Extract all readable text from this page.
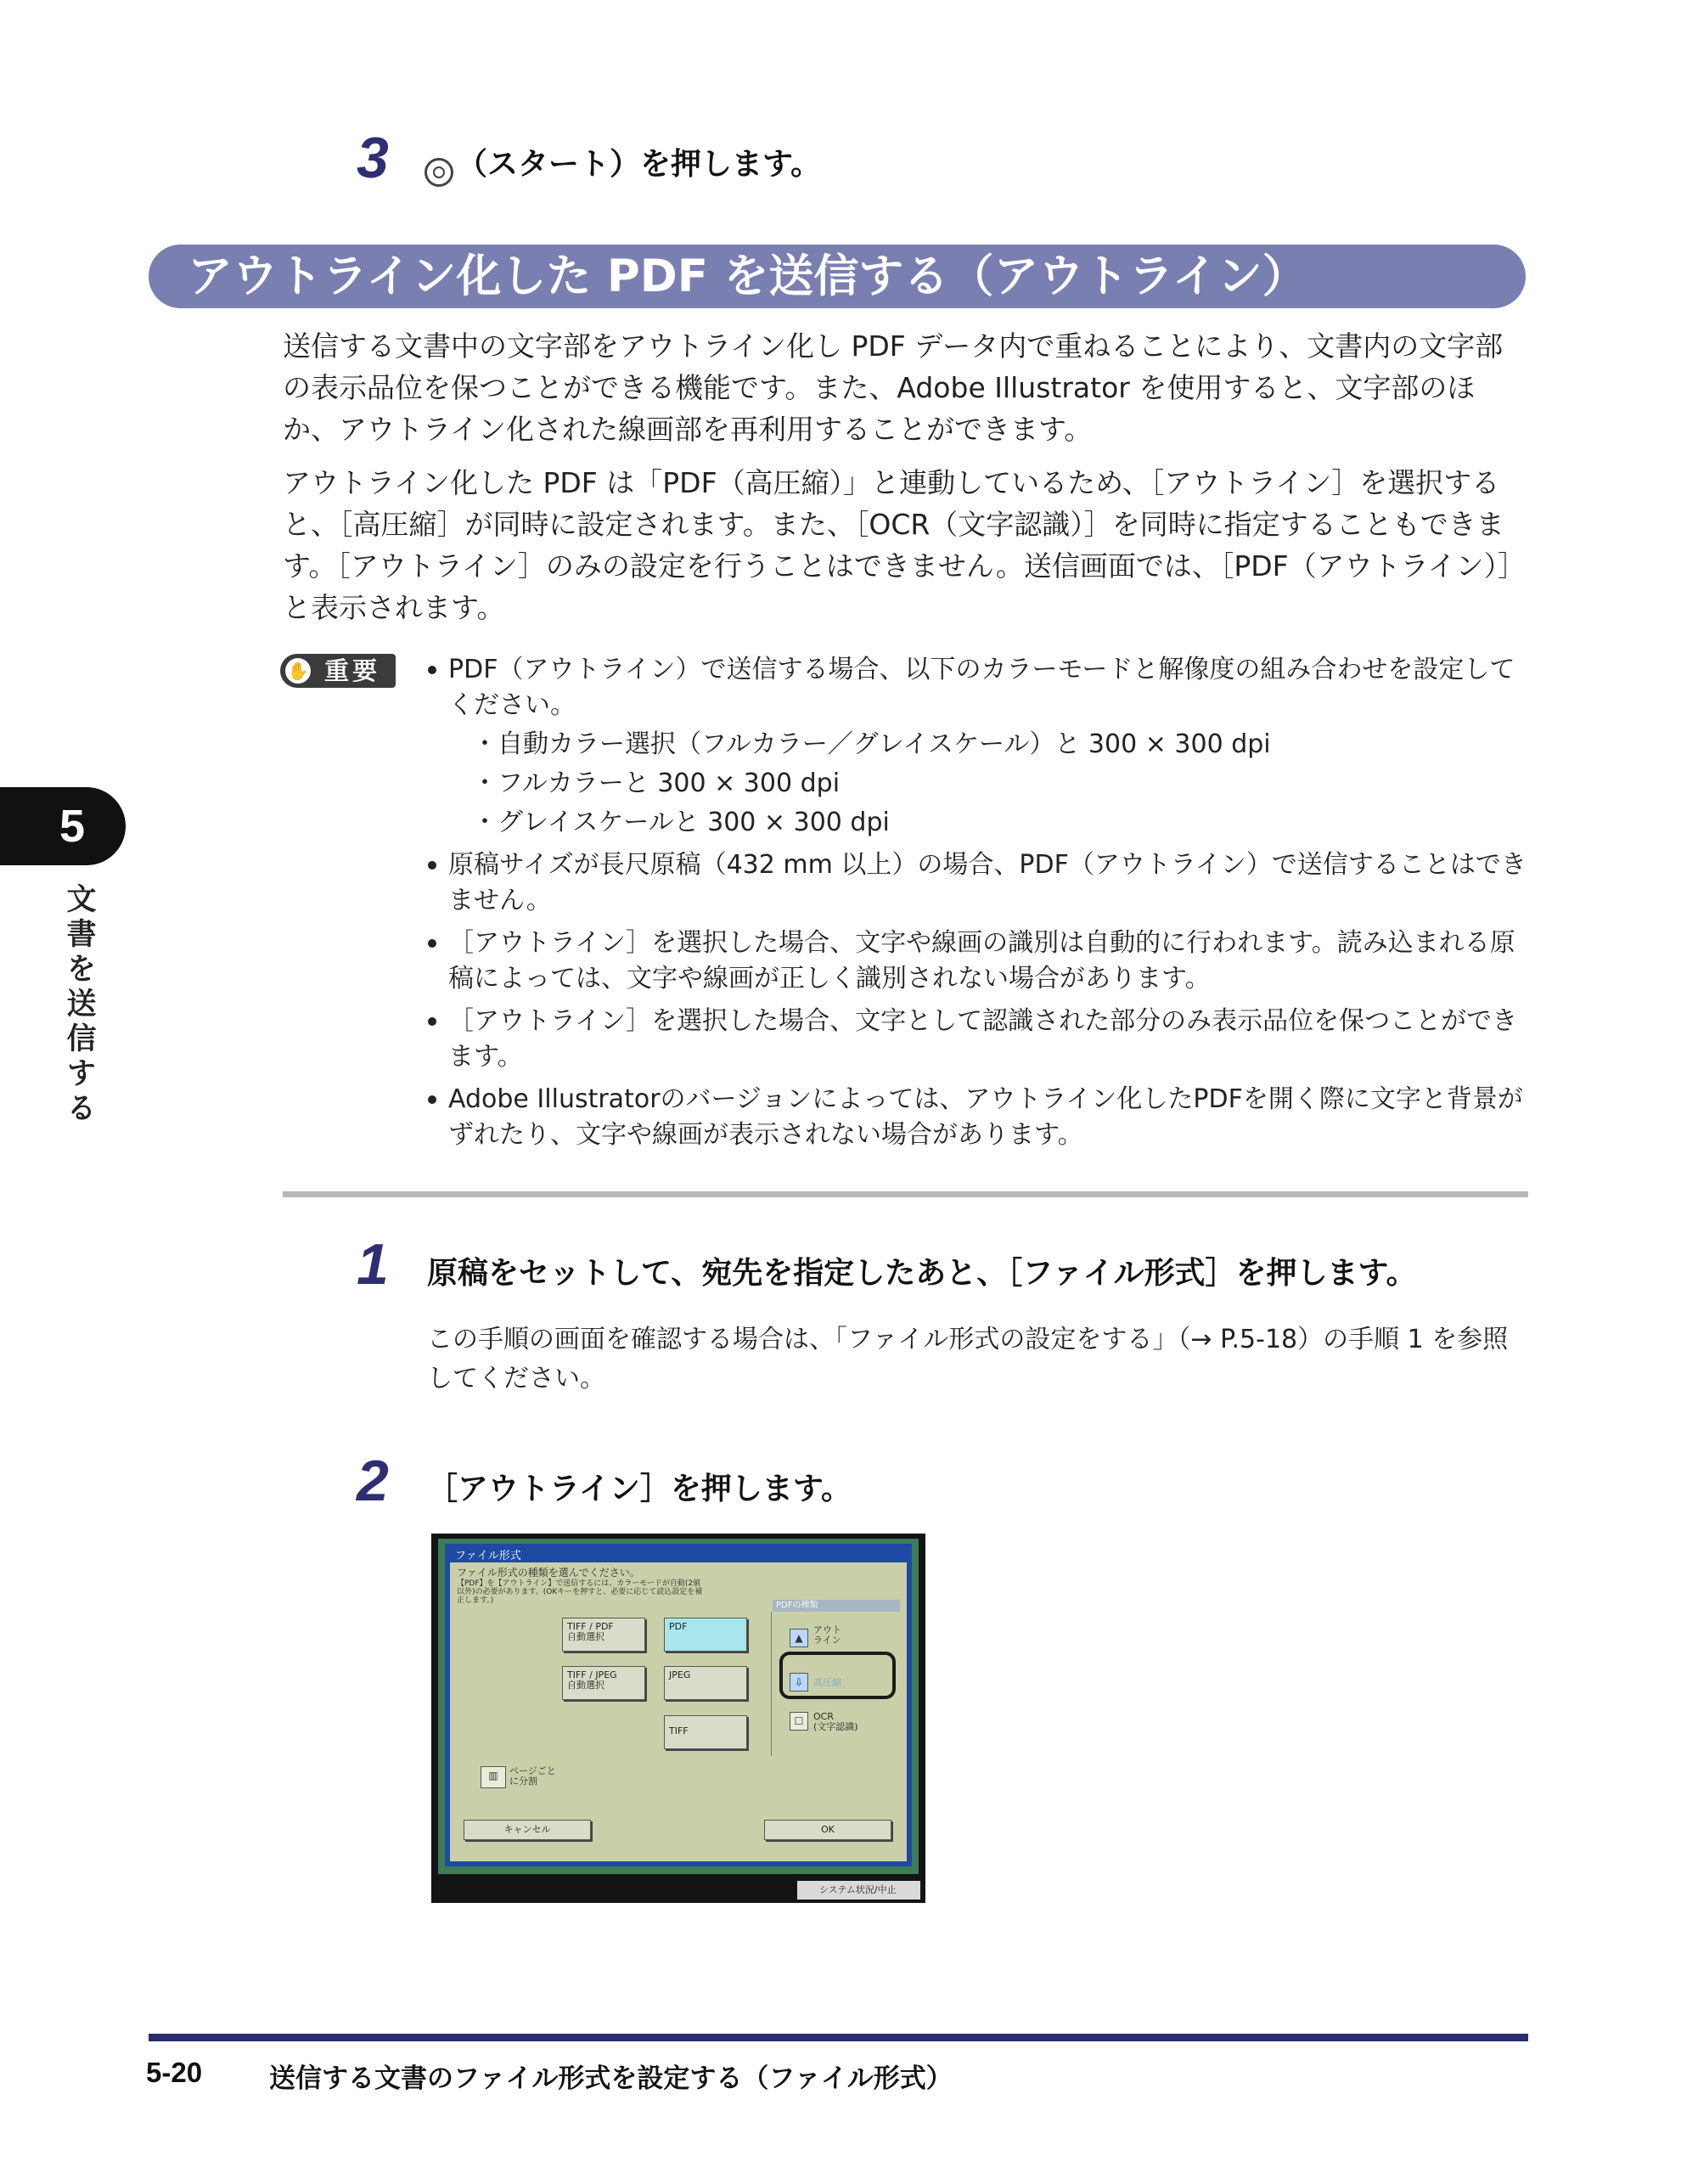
3	（スタート）を押します。
アウトライン化した PDF を送信する（アウトライン）

送信する文書中の文字部をアウトライン化し PDF データ内で重ねることにより、文書内の文字部の表示品位を保つことができる機能です。また、Adobe Illustrator を使用すると、文字部のほか、アウトライン化された線画部を再利用することができます。

アウトライン化した PDF は「PDF（高圧縮）」と連動しているため、［アウトライン］を選択すると、［高圧縮］が同時に設定されます。また、［OCR（文字認識）］を同時に指定することもできます。［アウトライン］のみの設定を行うことはできません。送信画面では、［PDF（アウトライン）］と表示されます。

✋ 重要	PDF（アウトライン）で送信する場合、以下のカラーモードと解像度の組み合わせを設定してください。
・自動カラー選択（フルカラー／グレイスケール）と 300 × 300 dpi
・フルカラーと 300 × 300 dpi
・グレイスケールと 300 × 300 dpi
原稿サイズが長尺原稿（432 mm 以上）の場合、PDF（アウトライン）で送信することはできません。
［アウトライン］を選択した場合、文字や線画の識別は自動的に行われます。読み込まれる原稿によっては、文字や線画が正しく識別されない場合があります。
［アウトライン］を選択した場合、文字として認識された部分のみ表示品位を保つことができます。
Adobe Illustratorのバージョンによっては、アウトライン化したPDFを開く際に文字と背景がずれたり、文字や線画が表示されない場合があります。
1 原稿をセットして、宛先を指定したあと、［ファイル形式］を押します。
この手順の画面を確認する場合は、「ファイル形式の設定をする」（→ P.5-18）の手順 1 を参照してください。
2 ［アウトライン］を押します。
ファイル形式
ファイル形式の種類を選んでください。
【PDF】を【アウトライン】で送信するには、カラーモードが自動(2値
以外)の必要があります。(OKキーを押すと、必要に応じて読込設定を補
正します。)
TIFF / PDF
自動選択
PDF
TIFF / JPEG
自動選択
JPEG
TIFF
PDFの種類
▲
アウト
ライン
⇩	高圧縮
☐	OCR
(文字認識)
▥	ページごと
に分割
キャンセル	OK
システム状況/中止
5
文書を送信する
5-20	送信する文書のファイル形式を設定する（ファイル形式）
